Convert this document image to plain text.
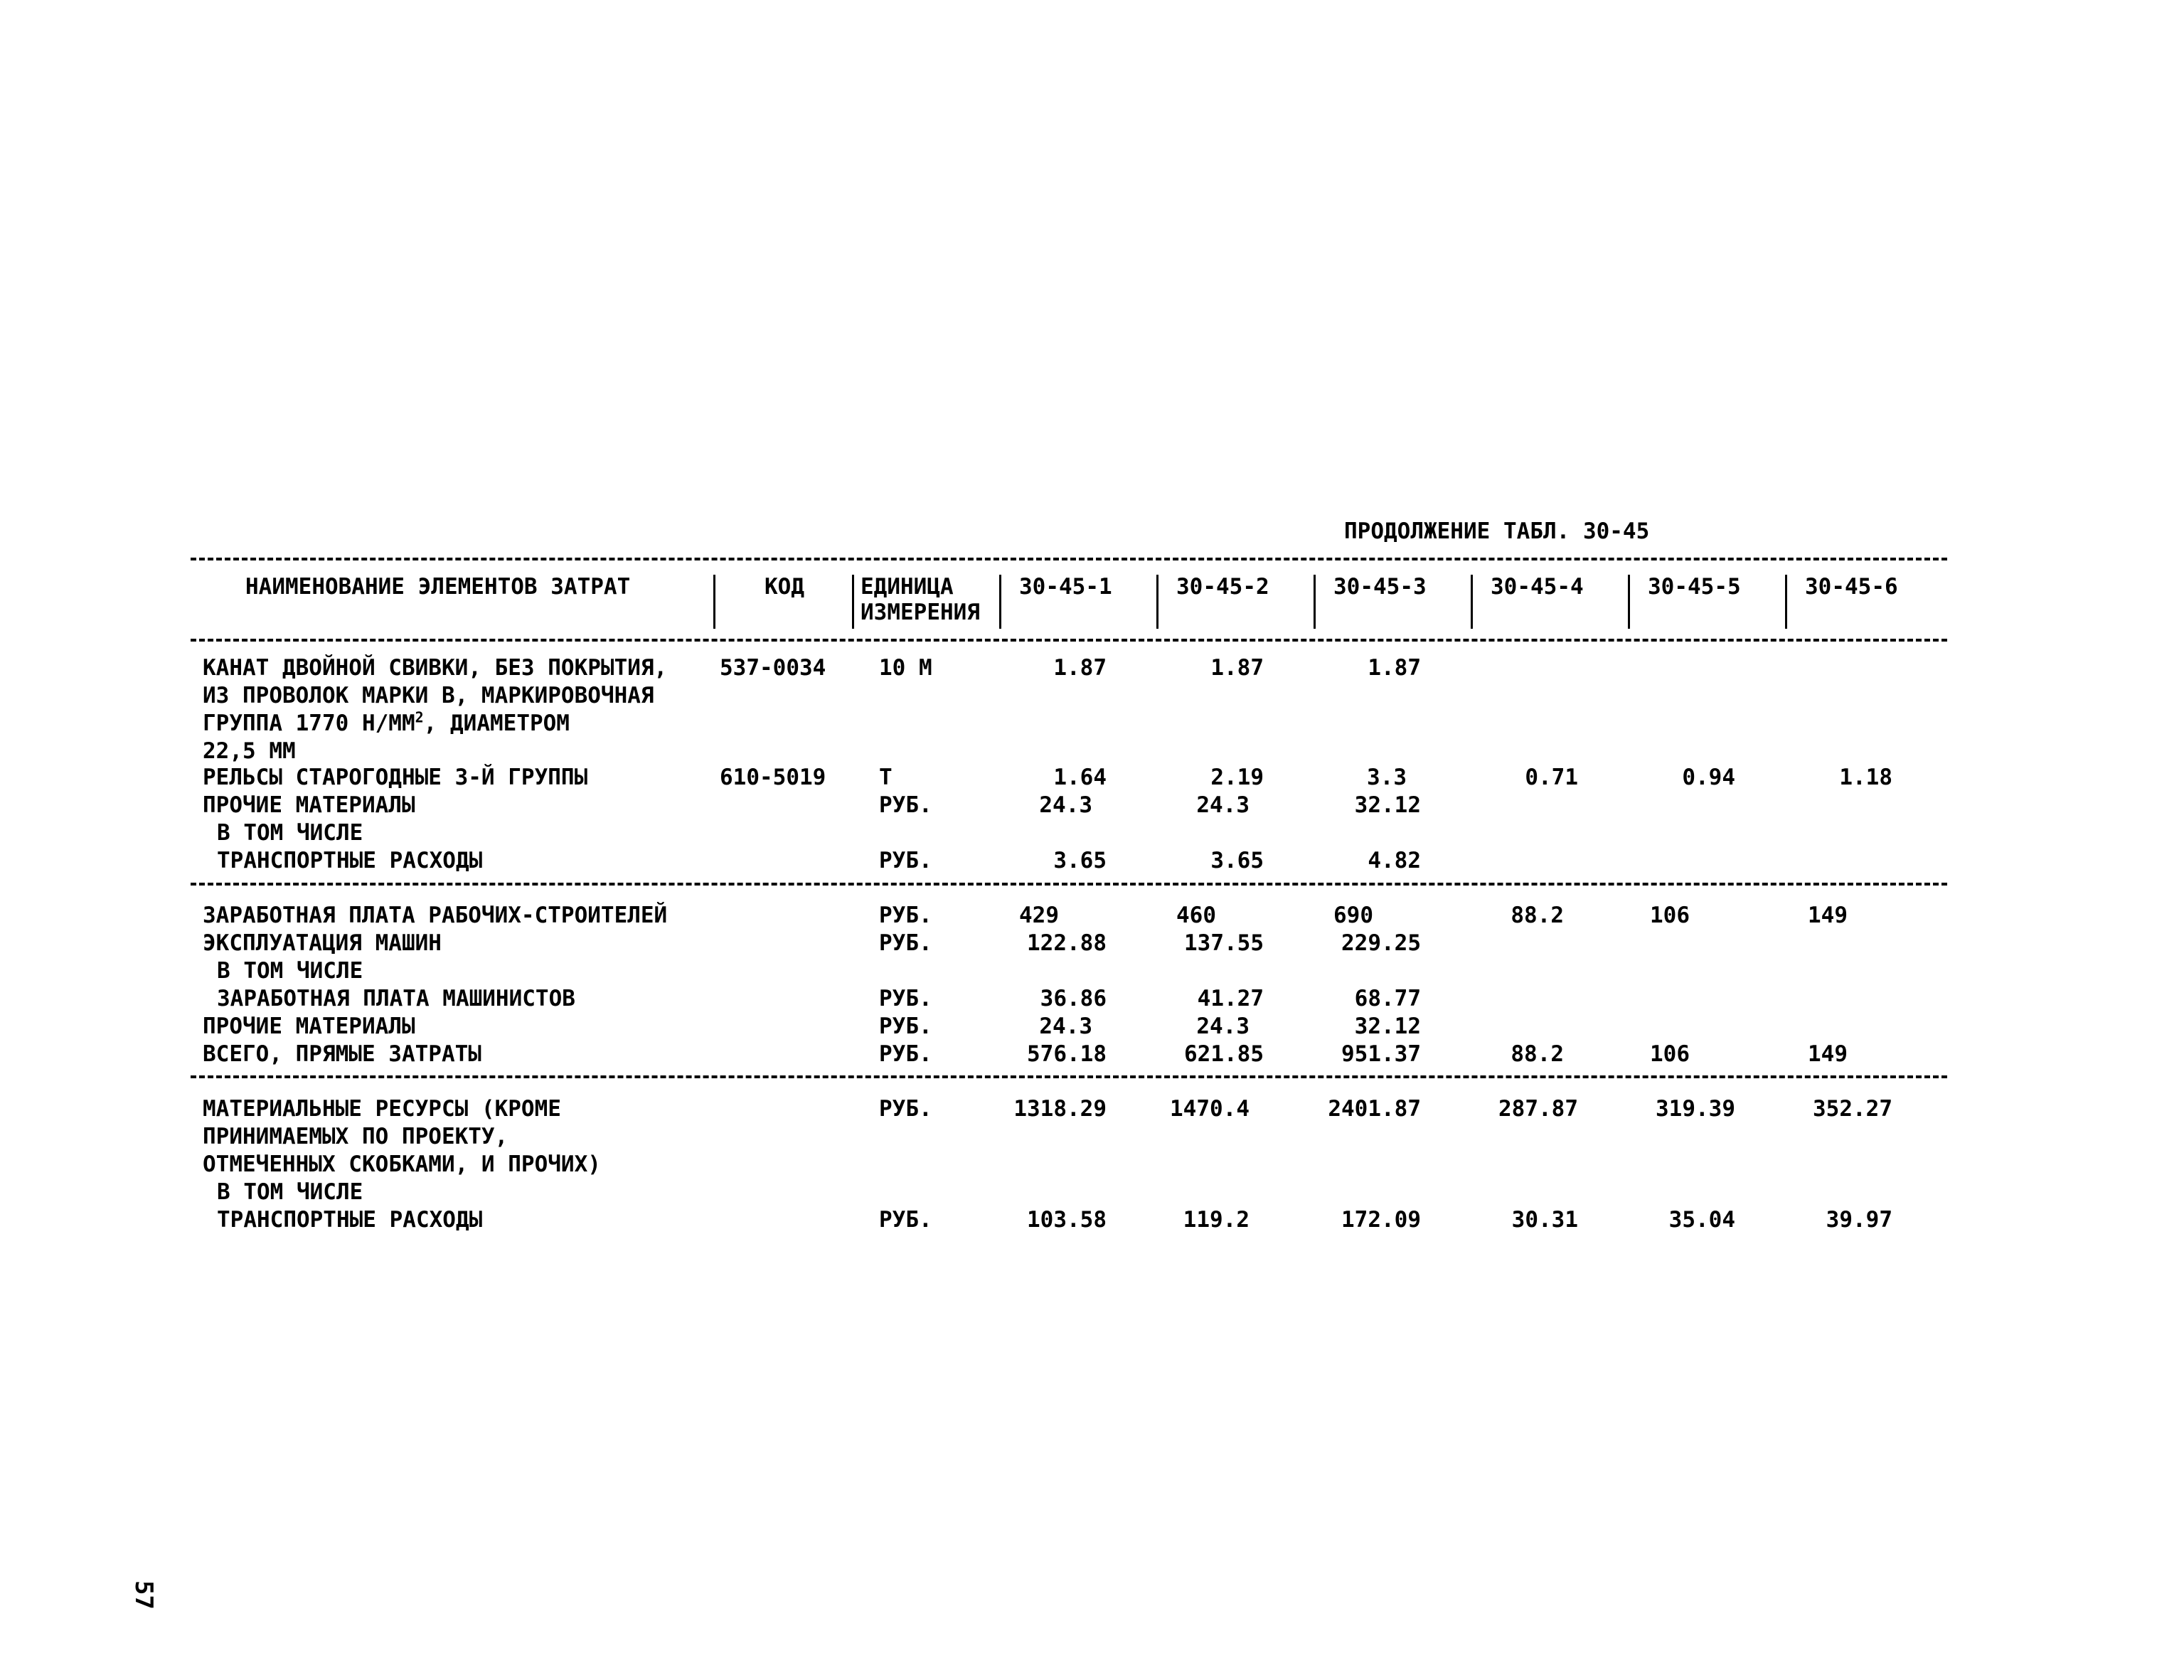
ПРОДОЛЖЕНИЕ ТАБЛ. 30-45
НАИМЕНОВАНИЕ ЭЛЕМЕНТОВ ЗАТРАТ	КОД	ЕДИНИЦА
ИЗМЕРЕНИЯ
30-45-1	30-45-2	30-45-3	30-45-4	30-45-5	30-45-6
КАНАТ ДВОЙНОЙ СВИВКИ, БЕЗ ПОКРЫТИЯ,
ИЗ ПРОВОЛОК МАРКИ В, МАРКИРОВОЧНАЯ
ГРУППА 1770 $Н/ММ^2$, ДИАМЕТРОМ
22,5 ММ
537-0034 10 М	1.87	1.87	1.87
РЕЛЬСЫ СТАРОГОДНЫЕ 3-Й ГРУППЫ	610-5019 Т	1.64	2.19	3.3	0.71	0.94	1.18
ПРОЧИЕ МАТЕРИАЛЫ	РУБ.	24.3	24.3	32.12
В ТОМ ЧИСЛЕ
ТРАНСПОРТНЫЕ РАСХОДЫ	РУБ.	3.65	3.65	4.82
ЗАРАБОТНАЯ ПЛАТА РАБОЧИХ-СТРОИТЕЛЕЙ	РУБ.	429	460	690	88.2	106	149
ЭКСПЛУАТАЦИЯ МАШИН	РУБ.	122.88	137.55	229.25
В ТОМ ЧИСЛЕ
ЗАРАБОТНАЯ ПЛАТА МАШИНИСТОВ	РУБ.	36.86	41.27	68.77
ПРОЧИЕ МАТЕРИАЛЫ	РУБ.	24.3	24.3	32.12
ВСЕГО, ПРЯМЫЕ ЗАТРАТЫ	РУБ.	576.18	621.85	951.37	88.2	106	149
МАТЕРИАЛЬНЫЕ РЕСУРСЫ (КРОМЕ
ПРИНИМАЕМЫХ ПО ПРОЕКТУ,
ОТМЕЧЕННЫХ СКОБКАМИ, И ПРОЧИХ)
РУБ.	1318.29	1470.4	2401.87	287.87	319.39	352.27
В ТОМ ЧИСЛЕ
ТРАНСПОРТНЫЕ РАСХОДЫ	РУБ.	103.58	119.2	172.09	30.31	35.04	39.97
57
